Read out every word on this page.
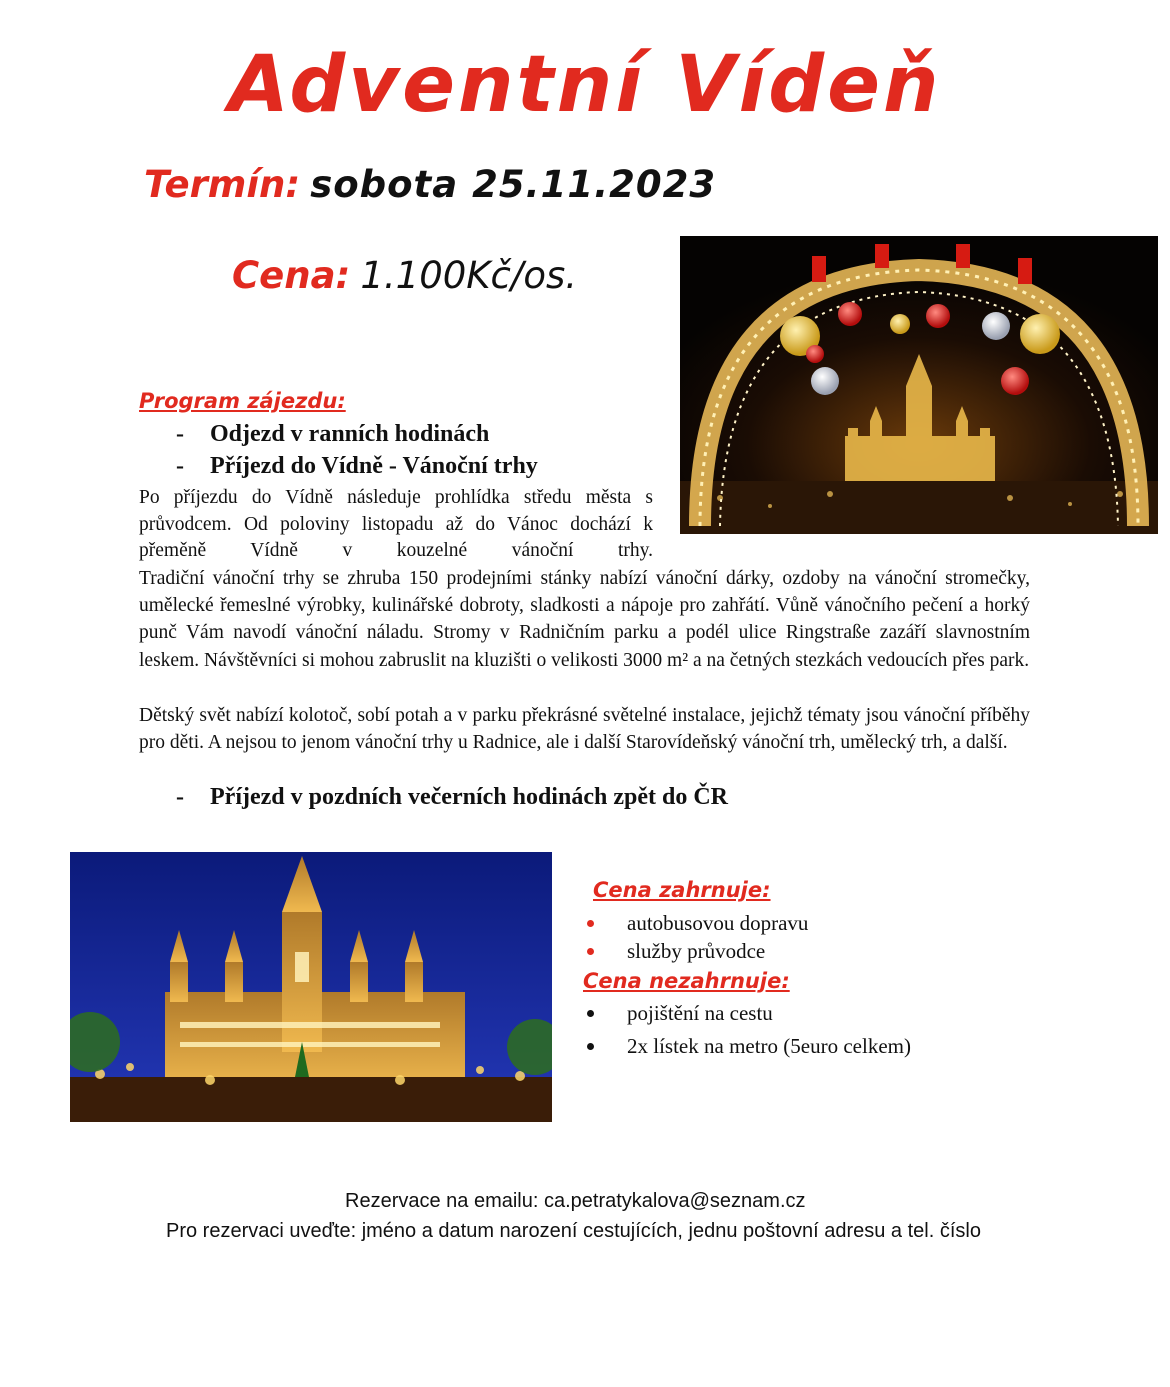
Adventní Vídeň
Termín: sobota 25.11.2023
Cena: 1.100Kč/os.
Program zájezdu:
- Odjezd v ranních hodinách
- Příjezd do Vídně - Vánoční trhy
Po příjezdu do Vídně následuje prohlídka středu města s průvodcem. Od poloviny listopadu až do Vánoc dochází k přeměně Vídně v kouzelné vánoční trhy.
Tradiční vánoční trhy se zhruba 150 prodejními stánky nabízí vánoční dárky, ozdoby na vánoční stromečky, umělecké řemeslné výrobky, kulinářské dobroty, sladkosti a nápoje pro zahřátí. Vůně vánočního pečení a horký punč Vám navodí vánoční náladu. Stromy v Radničním parku a podél ulice Ringstraße zazáří slavnostním leskem. Návštěvníci si mohou zabruslit na kluzišti o velikosti 3000 m² a na četných stezkách vedoucích přes park.
Dětský svět nabízí kolotoč, sobí potah a v parku překrásné světelné instalace, jejichž tématy jsou vánoční příběhy pro děti. A nejsou to jenom vánoční trhy u Radnice, ale i další Starovídeňský vánoční trh, umělecký trh, a další.
- Příjezd v pozdních večerních hodinách zpět do ČR
Cena zahrnuje:
autobusovou dopravu
služby průvodce
Cena nezahrnuje:
pojištění na cestu
2x lístek na metro (5euro celkem)
Rezervace na emailu: ca.petratykalova@seznam.cz
Pro rezervaci uveďte: jméno a datum narození cestujících, jednu poštovní adresu a tel. číslo
